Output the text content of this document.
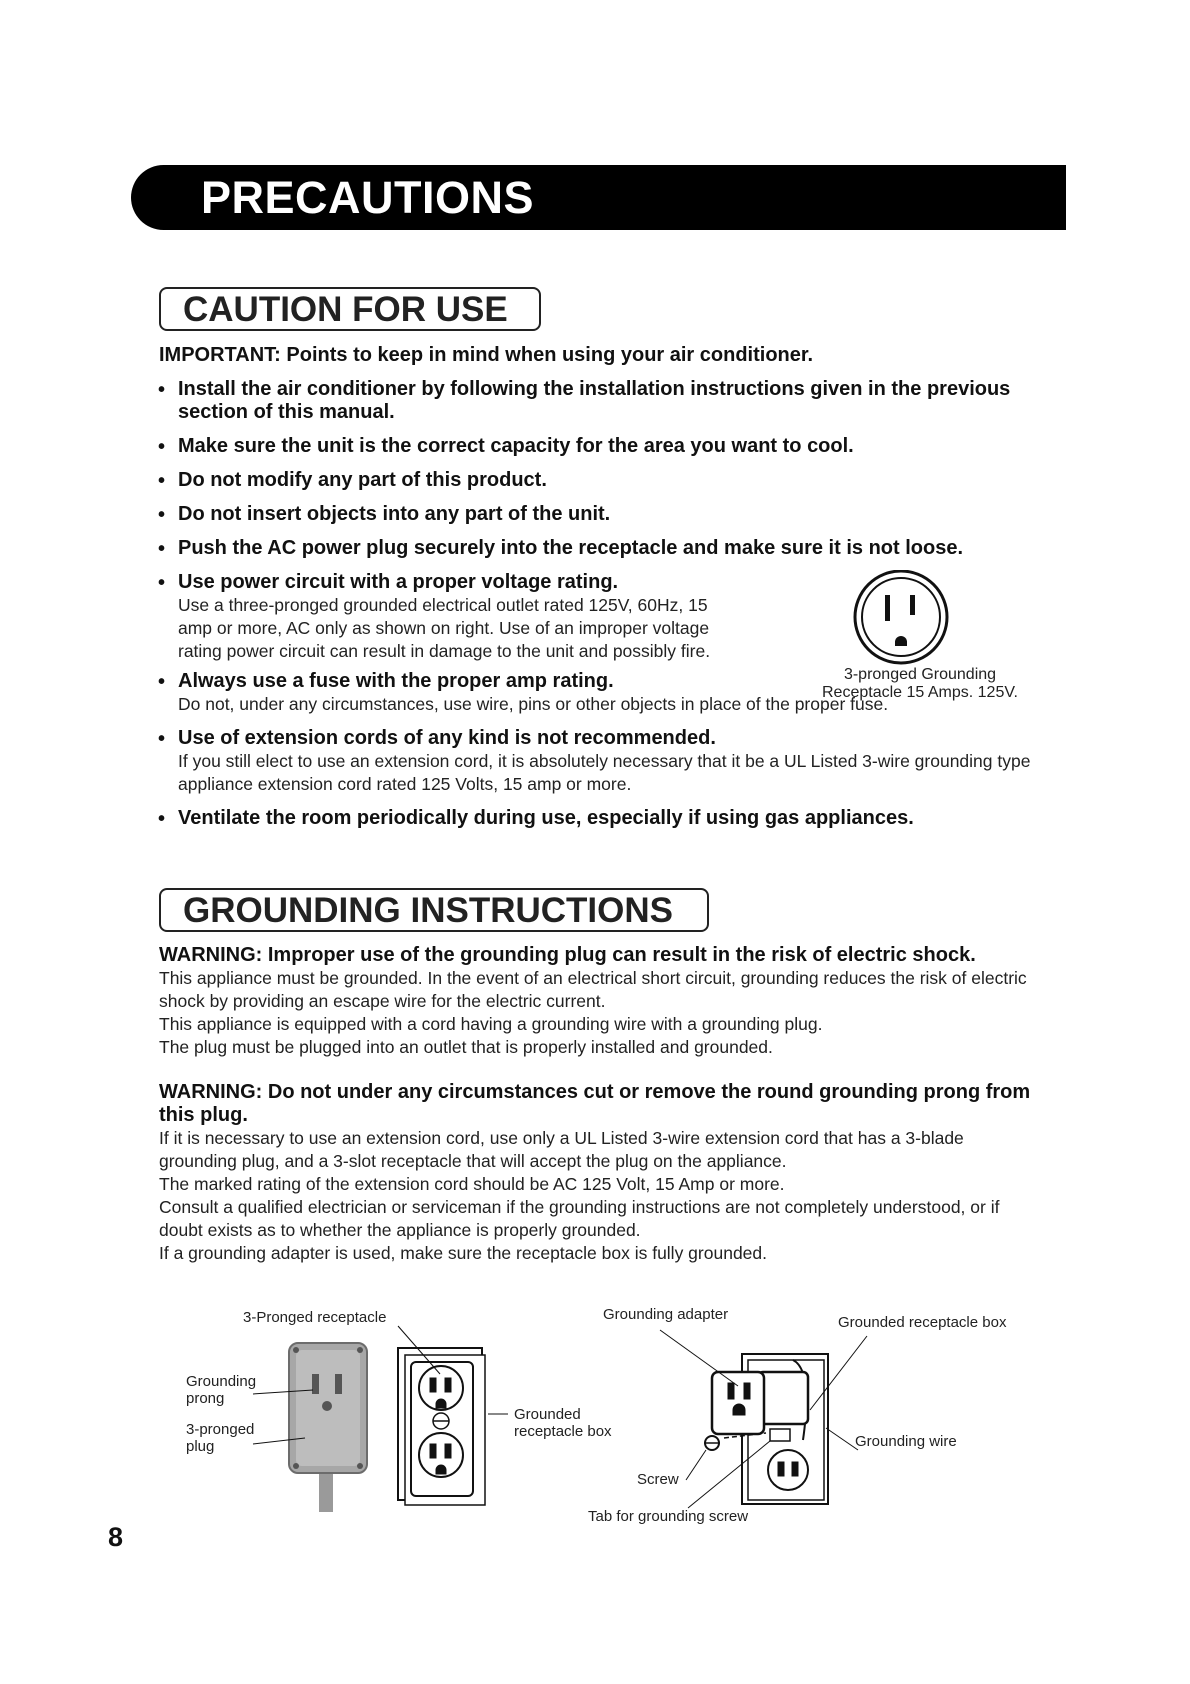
PRECAUTIONS
CAUTION FOR USE
IMPORTANT: Points to keep in mind when using your air conditioner.
• Install the air conditioner by following the installation instructions given in the previous section of this manual.
• Make sure the unit is the correct capacity for the area you want to cool.
• Do not modify any part of this product.
• Do not insert objects into any part of the unit.
• Push the AC power plug securely into the receptacle and make sure it is not loose.
• Use power circuit with a proper voltage rating.
Use a three-pronged grounded electrical outlet rated 125V, 60Hz, 15 amp or more, AC only as shown on right. Use of an improper voltage rating power circuit can result in damage to the unit and possibly fire.
• Always use a fuse with the proper amp rating.
Do not, under any circumstances, use wire, pins or other objects in place of the proper fuse.
• Use of extension cords of any kind is not recommended.
If you still elect to use an extension cord, it is absolutely necessary that it be a UL Listed 3-wire grounding type appliance extension cord rated 125 Volts, 15 amp or more.
• Ventilate the room periodically during use, especially if using gas appliances.
3-pronged Grounding
Receptacle 15 Amps. 125V.
GROUNDING INSTRUCTIONS
WARNING: Improper use of the grounding plug can result in the risk of electric shock.
This appliance must be grounded. In the event of an electrical short circuit, grounding reduces the risk of electric shock by providing an escape wire for the electric current.
This appliance is equipped with a cord having a grounding wire with a grounding plug.
The plug must be plugged into an outlet that is properly installed and grounded.
WARNING: Do not under any circumstances cut or remove the round grounding prong from this plug.
If it is necessary to use an extension cord, use only a UL Listed 3-wire extension cord that has a 3-blade grounding plug, and a 3-slot receptacle that will accept the plug on the appliance.
The marked rating of the extension cord should be AC 125 Volt, 15 Amp or more.
Consult a qualified electrician or serviceman if the grounding instructions are not completely understood, or if doubt exists as to whether the appliance is properly grounded.
If a grounding adapter is used, make sure the receptacle box is fully grounded.
3-Pronged receptacle
Grounding
prong
3-pronged
plug
Grounded
receptacle box
Grounding adapter	Grounded receptacle box
Grounding wire
Screw
Tab for grounding screw
8
